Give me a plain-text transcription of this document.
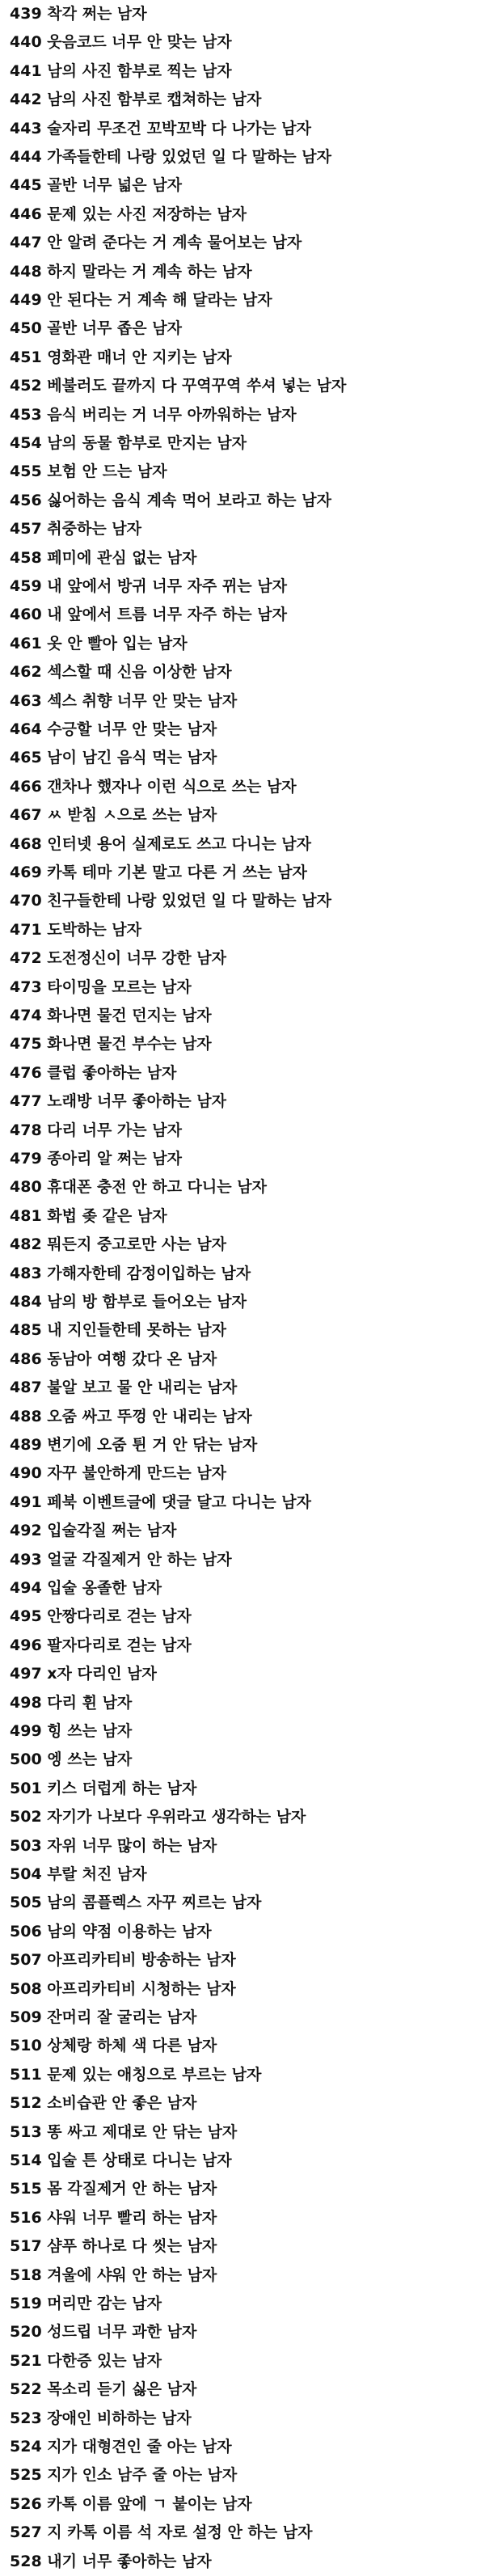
439 착각 쩌는 남자
440 웃음코드 너무 안 맞는 남자
441 남의 사진 함부로 찍는 남자
442 남의 사진 함부로 캡쳐하는 남자
443 술자리 무조건 꼬박꼬박 다 나가는 남자
444 가족들한테 나랑 있었던 일 다 말하는 남자
445 골반 너무 넓은 남자
446 문제 있는 사진 저장하는 남자
447 안 알려 준다는 거 계속 물어보는 남자
448 하지 말라는 거 계속 하는 남자
449 안 된다는 거 계속 해 달라는 남자
450 골반 너무 좁은 남자
451 영화관 매너 안 지키는 남자
452 베불러도 끝까지 다 꾸역꾸역 쑤셔 넣는 남자
453 음식 버리는 거 너무 아까워하는 남자
454 남의 동물 함부로 만지는 남자
455 보험 안 드는 남자
456 싫어하는 음식 계속 먹어 보라고 하는 남자
457 취중하는 남자
458 페미에 관심 없는 남자
459 내 앞에서 방귀 너무 자주 뀌는 남자
460 내 앞에서 트름 너무 자주 하는 남자
461 옷 안 빨아 입는 남자
462 섹스할 때 신음 이상한 남자
463 섹스 취향 너무 안 맞는 남자
464 수긍할 너무 안 맞는 남자
465 남이 남긴 음식 먹는 남자
466 갠차나 했자나 이런 식으로 쓰는 남자
467 ㅆ 받침 ㅅ으로 쓰는 남자
468 인터넷 용어 실제로도 쓰고 다니는 남자
469 카톡 테마 기본 말고 다른 거 쓰는 남자
470 친구들한테 나랑 있었던 일 다 말하는 남자
471 도박하는 남자
472 도전정신이 너무 강한 남자
473 타이밍을 모르는 남자
474 화나면 물건 던지는 남자
475 화나면 물건 부수는 남자
476 클럽 좋아하는 남자
477 노래방 너무 좋아하는 남자
478 다리 너무 가는 남자
479 종아리 알 쩌는 남자
480 휴대폰 충전 안 하고 다니는 남자
481 화법 좆 같은 남자
482 뭐든지 중고로만 사는 남자
483 가해자한테 감정이입하는 남자
484 남의 방 함부로 들어오는 남자
485 내 지인들한테 못하는 남자
486 동남아 여행 갔다 온 남자
487 불알 보고 물 안 내리는 남자
488 오줌 싸고 뚜껑 안 내리는 남자
489 변기에 오줌 튄 거 안 닦는 남자
490 자꾸 불안하게 만드는 남자
491 페북 이벤트글에 댓글 달고 다니는 남자
492 입술각질 쩌는 남자
493 얼굴 각질제거 안 하는 남자
494 입술 옹졸한 남자
495 안짱다리로 걷는 남자
496 팔자다리로 걷는 남자
497 x자 다리인 남자
498 다리 휜 남자
499 힝 쓰는 남자
500 엥 쓰는 남자
501 키스 더럽게 하는 남자
502 자기가 나보다 우위라고 생각하는 남자
503 자위 너무 많이 하는 남자
504 부랄 처진 남자
505 남의 콤플렉스 자꾸 찌르는 남자
506 남의 약점 이용하는 남자
507 아프리카티비 방송하는 남자
508 아프리카티비 시청하는 남자
509 잔머리 잘 굴리는 남자
510 상체랑 하체 색 다른 남자
511 문제 있는 애칭으로 부르는 남자
512 소비습관 안 좋은 남자
513 똥 싸고 제대로 안 닦는 남자
514 입술 튼 상태로 다니는 남자
515 몸 각질제거 안 하는 남자
516 샤워 너무 빨리 하는 남자
517 샴푸 하나로 다 씻는 남자
518 겨울에 샤워 안 하는 남자
519 머리만 감는 남자
520 성드립 너무 과한 남자
521 다한증 있는 남자
522 목소리 듣기 싫은 남자
523 장애인 비하하는 남자
524 지가 대형견인 줄 아는 남자
525 지가 인소 남주 줄 아는 남자
526 카톡 이름 앞에 ㄱ 붙이는 남자
527 지 카톡 이름 석 자로 설정 안 하는 남자
528 내기 너무 좋아하는 남자
